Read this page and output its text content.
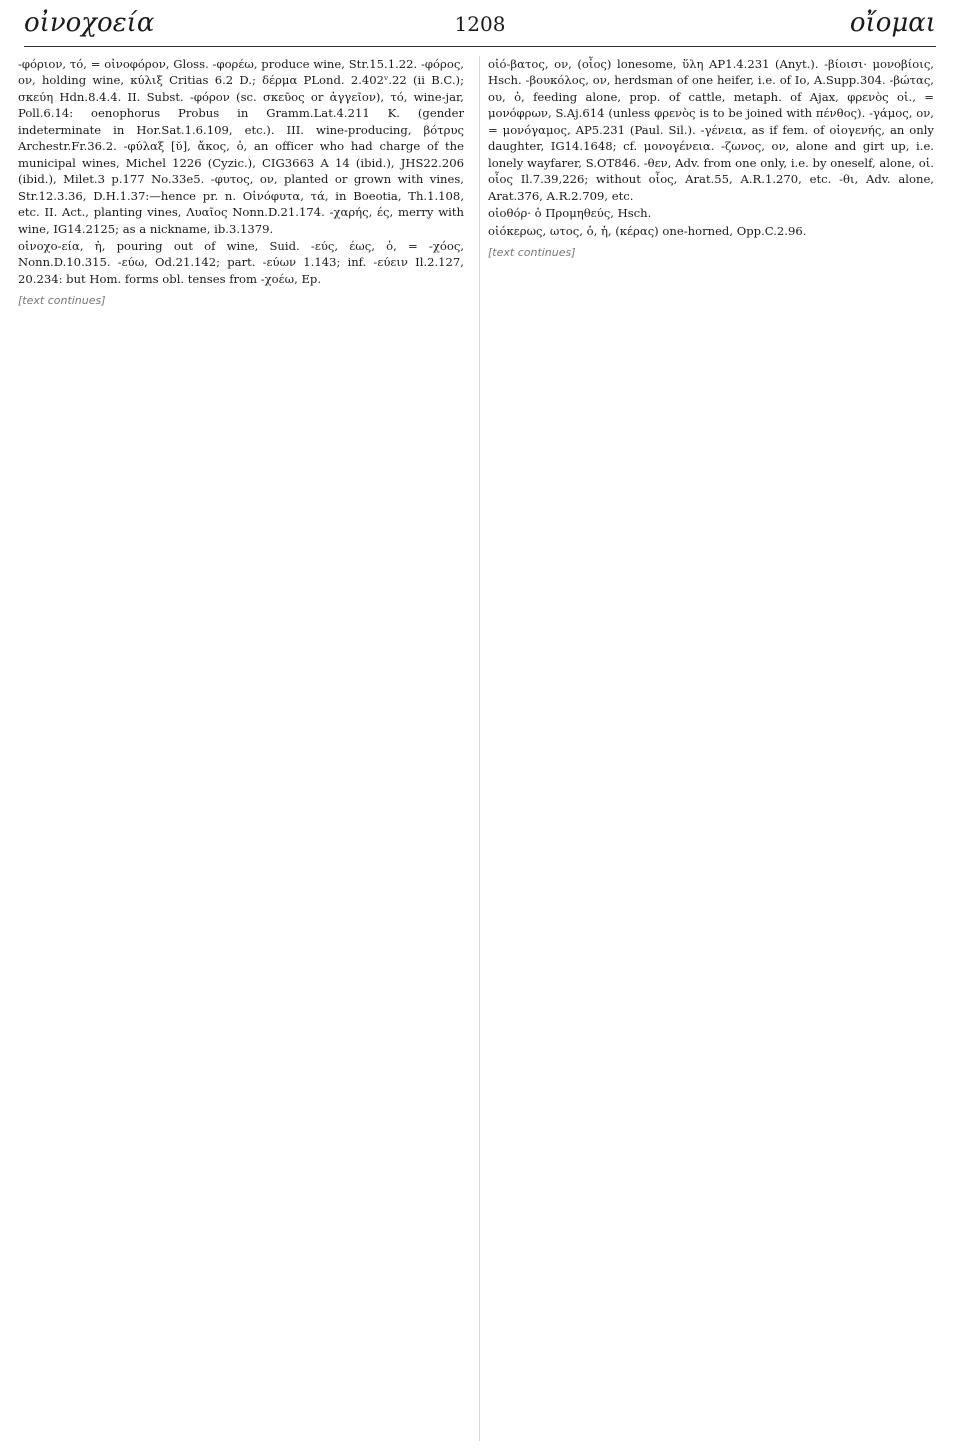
οἰνοχοεία	1208	οἴομαι

-φόριον, τό, = οἰνοφόρον, Gloss. -φορέω, produce wine, Str.15.1.22. -φόρος, ον, holding wine, κύλιξ Critias 6.2 D.; δέρμα PLond. 2.402ᵛ.22 (ii B.C.); σκεύη Hdn.8.4.4. II. Subst. -φόρον (sc. σκεῦος or ἀγγεῖον), τό, wine-jar, Poll.6.14: oenophorus Probus in Gramm.Lat.4.211 K. (gender indeterminate in Hor.Sat.1.6.109, etc.). III. wine-producing, βότρυς Archestr.Fr.36.2. -φύλαξ [ῠ], ἄκος, ὁ, an officer who had charge of the municipal wines, Michel 1226 (Cyzic.), CIG3663 A 14 (ibid.), JHS22.206 (ibid.), Milet.3 p.177 No.33e5. -φυτος, ον, planted or grown with vines, Str.12.3.36, D.H.1.37:—hence pr. n. Οἰνόφυτα, τά, in Boeotia, Th.1.108, etc. II. Act., planting vines, Λυαῖος Nonn.D.21.174. -χαρής, ές, merry with wine, IG14.2125; as a nickname, ib.3.1379.

οἰνοχο-εία, ἡ, pouring out of wine, Suid. -εύς, έως, ὁ, = -χόος, Nonn.D.10.315. -εύω, Od.21.142; part. -εύων 1.143; inf. -εύειν Il.2.127, 20.234: but Hom. forms obl. tenses from -χοέω, Ep.

[text continues]

οἰό-βατος, ον, (οἶος) lonesome, ὕλη AP1.4.231 (Anyt.). -βίοισι· μονοβίοις, Hsch. -βουκόλος, ον, herdsman of one heifer, i.e. of Io, A.Supp.304. -βώτας, ου, ὁ, feeding alone, prop. of cattle, metaph. of Ajax, φρενὸς οἰ., = μονόφρων, S.Aj.614 (unless φρενὸς is to be joined with πένθος). -γάμος, ον, = μονόγαμος, AP5.231 (Paul. Sil.). -γένεια, as if fem. of οἰογενής, an only daughter, IG14.1648; cf. μονογένεια. -ζωνος, ον, alone and girt up, i.e. lonely wayfarer, S.OT846. -θεν, Adv. from one only, i.e. by oneself, alone, οἰ. οἶος Il.7.39,226; without οἶος, Arat.55, A.R.1.270, etc. -θι, Adv. alone, Arat.376, A.R.2.709, etc.

οἰοθόρ· ὁ Προμηθεύς, Hsch.

οἰόκερως, ωτος, ὁ, ἡ, (κέρας) one-horned, Opp.C.2.96.

[text continues]
